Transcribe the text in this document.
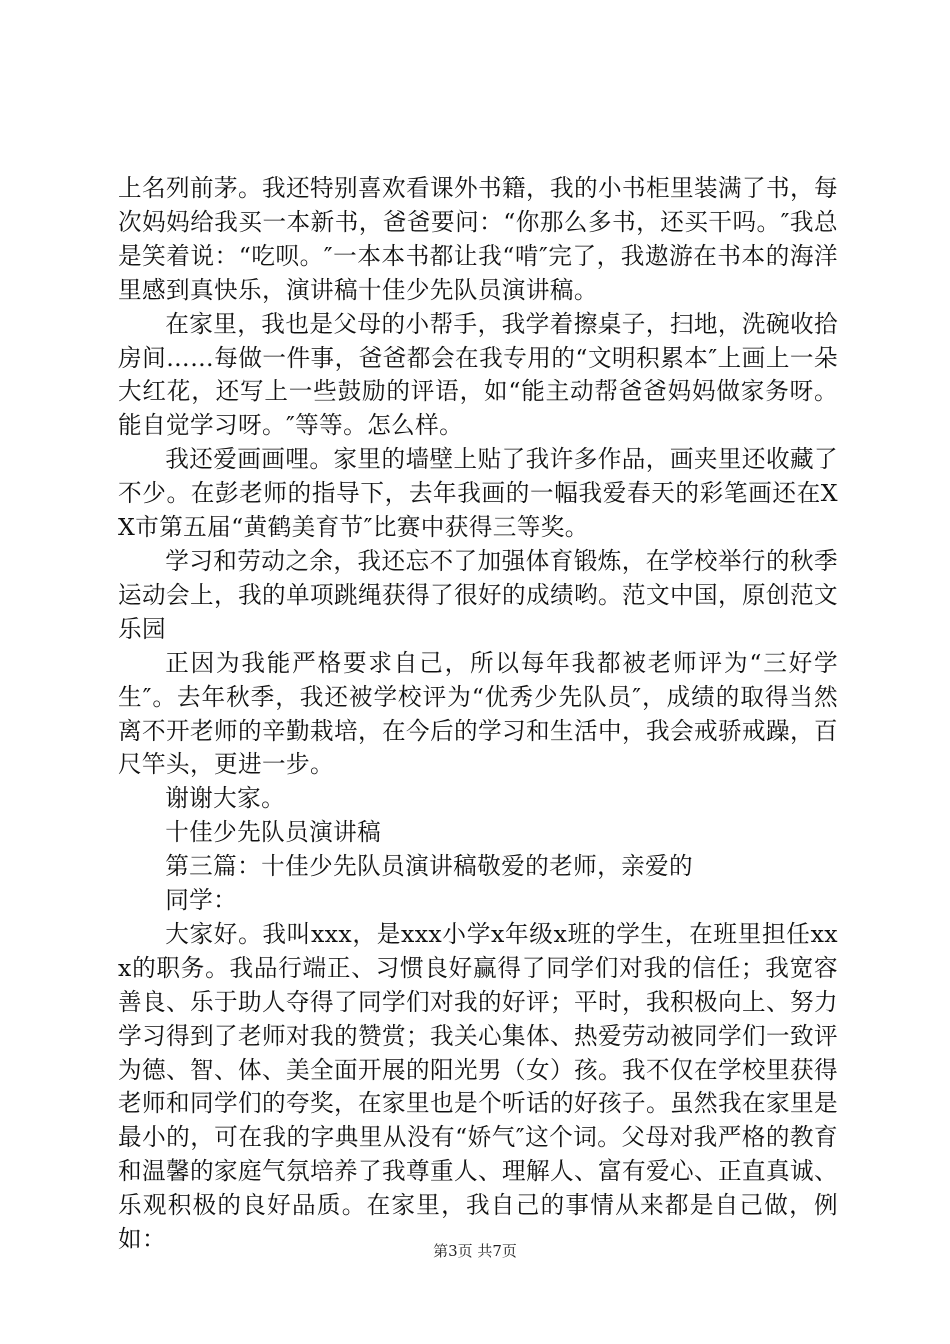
上名列前茅。我还特别喜欢看课外书籍，我的小书柜里装满了书，每次妈妈给我买一本新书，爸爸要问：“你那么多书，还买干吗。″我总是笑着说：“吃呗。″一本本书都让我“啃″完了，我遨游在书本的海洋里感到真快乐，演讲稿十佳少先队员演讲稿。

在家里，我也是父母的小帮手，我学着擦桌子，扫地，洗碗收拾房间……每做一件事，爸爸都会在我专用的“文明积累本″上画上一朵大红花，还写上一些鼓励的评语，如“能主动帮爸爸妈妈做家务呀。能自觉学习呀。″等等。怎么样。

我还爱画画哩。家里的墙壁上贴了我许多作品，画夹里还收藏了不少。在彭老师的指导下，去年我画的一幅我爱春天的彩笔画还在XX市第五届“黄鹤美育节″比赛中获得三等奖。

学习和劳动之余，我还忘不了加强体育锻炼，在学校举行的秋季运动会上，我的单项跳绳获得了很好的成绩哟。范文中国，原创范文乐园

正因为我能严格要求自己，所以每年我都被老师评为“三好学生″。去年秋季，我还被学校评为“优秀少先队员″，成绩的取得当然离不开老师的辛勤栽培，在今后的学习和生活中，我会戒骄戒躁，百尺竿头，更进一步。

谢谢大家。

十佳少先队员演讲稿

第三篇：十佳少先队员演讲稿敬爱的老师，亲爱的

同学：

大家好。我叫xxx，是xxx小学x年级x班的学生，在班里担任xxx的职务。我品行端正、习惯良好赢得了同学们对我的信任；我宽容善良、乐于助人夺得了同学们对我的好评；平时，我积极向上、努力学习得到了老师对我的赞赏；我关心集体、热爱劳动被同学们一致评为德、智、体、美全面开展的阳光男（女）孩。我不仅在学校里获得老师和同学们的夸奖，在家里也是个听话的好孩子。虽然我在家里是最小的，可在我的字典里从没有“娇气″这个词。父母对我严格的教育和温馨的家庭气氛培养了我尊重人、理解人、富有爱心、正直真诚、乐观积极的良好品质。在家里，我自己的事情从来都是自己做，例如：	第3页 共7页
